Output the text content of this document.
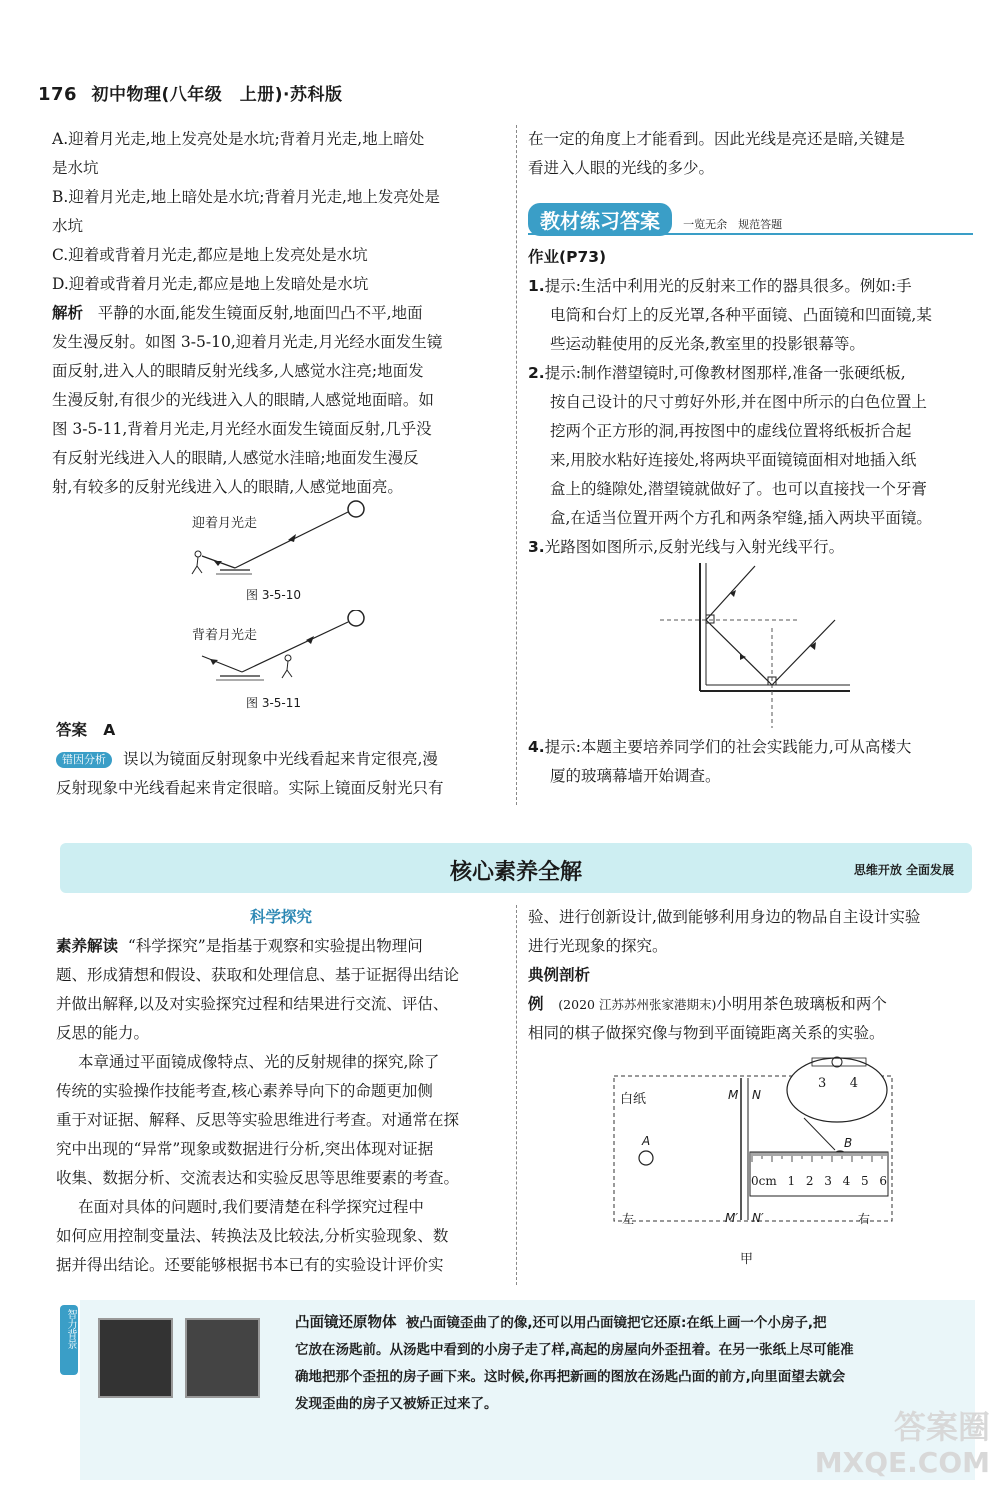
176 初中物理(八年级　上册)·苏科版
A.迎着月光走,地上发亮处是水坑;背着月光走,地上暗处
是水坑
B.迎着月光走,地上暗处是水坑;背着月光走,地上发亮处是
水坑
C.迎着或背着月光走,都应是地上发亮处是水坑
D.迎着或背着月光走,都应是地上发暗处是水坑
解析 平静的水面,能发生镜面反射,地面凹凸不平,地面
发生漫反射。如图 3-5-10,迎着月光走,月光经水面发生镜
面反射,进入人的眼睛反射光线多,人感觉水注亮;地面发
生漫反射,有很少的光线进入人的眼睛,人感觉地面暗。如
图 3-5-11,背着月光走,月光经水面发生镜面反射,几乎没
有反射光线进入人的眼睛,人感觉水洼暗;地面发生漫反
射,有较多的反射光线进入人的眼睛,人感觉地面亮。
迎着月光走
图 3-5-10
背着月光走
图 3-5-11
答案 A
错因分析 误以为镜面反射现象中光线看起来肯定很亮,漫
反射现象中光线看起来肯定很暗。实际上镜面反射光只有
在一定的角度上才能看到。因此光线是亮还是暗,关键是
看进入人眼的光线的多少。
教材练习答案 一览无余　规范答题
作业(P73)
1.提示:生活中利用光的反射来工作的器具很多。例如:手
电筒和台灯上的反光罩,各种平面镜、凸面镜和凹面镜,某
些运动鞋使用的反光条,教室里的投影银幕等。
2.提示:制作潜望镜时,可像教材图那样,准备一张硬纸板,
按自己设计的尺寸剪好外形,并在图中所示的白色位置上
挖两个正方形的洞,再按图中的虚线位置将纸板折合起
来,用胶水粘好连接处,将两块平面镜镜面相对地插入纸
盒上的缝隙处,潜望镜就做好了。也可以直接找一个牙膏
盒,在适当位置开两个方孔和两条窄缝,插入两块平面镜。
3.光路图如图所示,反射光线与入射光线平行。
4.提示:本题主要培养同学们的社会实践能力,可从高楼大
厦的玻璃幕墙开始调查。
核心素养全解	思维开放 全面发展
科学探究
素养解读 “科学探究”是指基于观察和实验提出物理问
题、形成猜想和假设、获取和处理信息、基于证据得出结论
并做出解释,以及对实验探究过程和结果进行交流、评估、
反思的能力。
本章通过平面镜成像特点、光的反射规律的探究,除了
传统的实验操作技能考查,核心素养导向下的命题更加侧
重于对证据、解释、反思等实验思维进行考查。对通常在探
究中出现的“异常”现象或数据进行分析,突出体现对证据
收集、数据分析、交流表达和实验反思等思维要素的考查。
在面对具体的问题时,我们要清楚在科学探究过程中
如何应用控制变量法、转换法及比较法,分析实验现象、数
据并得出结论。还要能够根据书本已有的实验设计评价实
验、进行创新设计,做到能够利用身边的物品自主设计实验
进行光现象的探究。
典例剖析
例 (2020 江苏苏州张家港期末)小明用茶色玻璃板和两个
相同的棋子做探究像与物到平面镜距离关系的实验。
白纸	M N
M′ N′
A	B
左	右
0cm 1 2 3 4 5 6
3 4
甲
智力背景	凸面镜还原物体 被凸面镜歪曲了的像,还可以用凸面镜把它还原:在纸上画一个小房子,把
它放在汤匙前。从汤匙中看到的小房子走了样,高起的房屋向外歪扭着。在另一张纸上尽可能准
确地把那个歪扭的房子画下来。这时候,你再把新画的图放在汤匙凸面的前方,向里面望去就会
发现歪曲的房子又被矫正过来了。
答案圈
MXQE.COM
